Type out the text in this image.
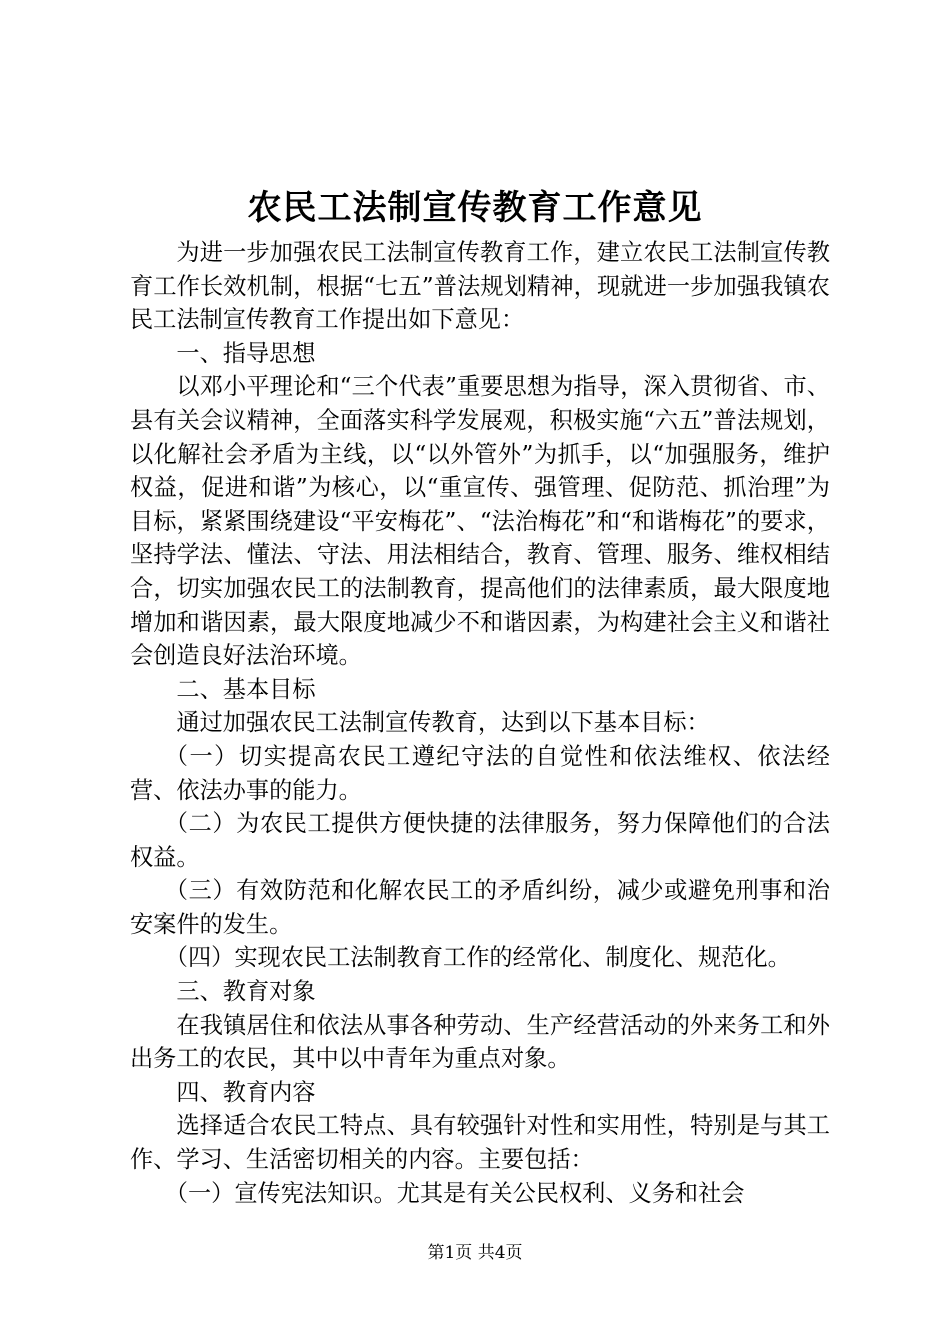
农民工法制宣传教育工作意见

为进一步加强农民工法制宣传教育工作，建立农民工法制宣传教育工作长效机制，根据“七五”普法规划精神，现就进一步加强我镇农民工法制宣传教育工作提出如下意见：

一、指导思想

以邓小平理论和“三个代表”重要思想为指导，深入贯彻省、市、县有关会议精神，全面落实科学发展观，积极实施“六五”普法规划，以化解社会矛盾为主线，以“以外管外”为抓手，以“加强服务，维护权益，促进和谐”为核心，以“重宣传、强管理、促防范、抓治理”为目标，紧紧围绕建设“平安梅花”、“法治梅花”和“和谐梅花”的要求，坚持学法、懂法、守法、用法相结合，教育、管理、服务、维权相结合，切实加强农民工的法制教育，提高他们的法律素质，最大限度地增加和谐因素，最大限度地减少不和谐因素，为构建社会主义和谐社会创造良好法治环境。

二、基本目标

通过加强农民工法制宣传教育，达到以下基本目标：

（一）切实提高农民工遵纪守法的自觉性和依法维权、依法经营、依法办事的能力。

（二）为农民工提供方便快捷的法律服务，努力保障他们的合法权益。

（三）有效防范和化解农民工的矛盾纠纷，减少或避免刑事和治安案件的发生。

（四）实现农民工法制教育工作的经常化、制度化、规范化。

三、教育对象

在我镇居住和依法从事各种劳动、生产经营活动的外来务工和外出务工的农民，其中以中青年为重点对象。

四、教育内容

选择适合农民工特点、具有较强针对性和实用性，特别是与其工作、学习、生活密切相关的内容。主要包括：

（一）宣传宪法知识。尤其是有关公民权利、义务和社会

第1页 共4页
